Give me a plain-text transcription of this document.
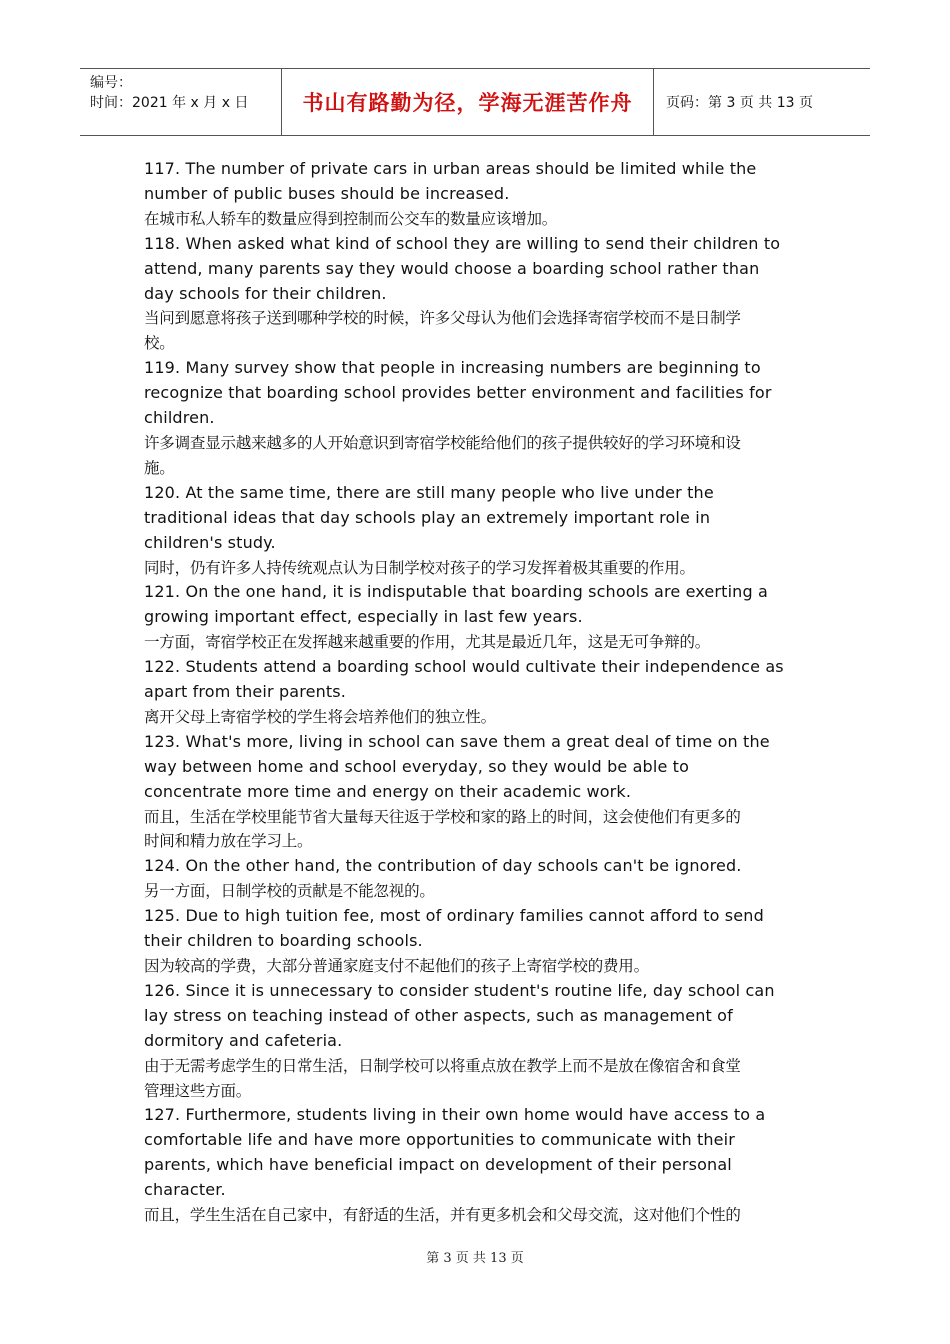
编号：
时间：2021 年 x 月 x 日	书山有路勤为径，学海无涯苦作舟	页码：第 3 页 共 13 页
117. The number of private cars in urban areas should be limited while the
number of public buses should be increased.
在城市私人轿车的数量应得到控制而公交车的数量应该增加。
118. When asked what kind of school they are willing to send their children to
attend, many parents say they would choose a boarding school rather than
day schools for their children.
当问到愿意将孩子送到哪种学校的时候，许多父母认为他们会选择寄宿学校而不是日制学
校。
119. Many survey show that people in increasing numbers are beginning to
recognize that boarding school provides better environment and facilities for
children.
许多调查显示越来越多的人开始意识到寄宿学校能给他们的孩子提供较好的学习环境和设
施。
120. At the same time, there are still many people who live under the
traditional ideas that day schools play an extremely important role in
children's study.
同时，仍有许多人持传统观点认为日制学校对孩子的学习发挥着极其重要的作用。
121. On the one hand, it is indisputable that boarding schools are exerting a
growing important effect, especially in last few years.
一方面，寄宿学校正在发挥越来越重要的作用，尤其是最近几年，这是无可争辩的。
122. Students attend a boarding school would cultivate their independence as
apart from their parents.
离开父母上寄宿学校的学生将会培养他们的独立性。
123. What's more, living in school can save them a great deal of time on the
way between home and school everyday, so they would be able to
concentrate more time and energy on their academic work.
而且，生活在学校里能节省大量每天往返于学校和家的路上的时间，这会使他们有更多的
时间和精力放在学习上。
124. On the other hand, the contribution of day schools can't be ignored.
另一方面，日制学校的贡献是不能忽视的。
125. Due to high tuition fee, most of ordinary families cannot afford to send
their children to boarding schools.
因为较高的学费，大部分普通家庭支付不起他们的孩子上寄宿学校的费用。
126. Since it is unnecessary to consider student's routine life, day school can
lay stress on teaching instead of other aspects, such as management of
dormitory and cafeteria.
由于无需考虑学生的日常生活，日制学校可以将重点放在教学上而不是放在像宿舍和食堂
管理这些方面。
127. Furthermore, students living in their own home would have access to a
comfortable life and have more opportunities to communicate with their
parents, which have beneficial impact on development of their personal
character.
而且，学生生活在自己家中，有舒适的生活，并有更多机会和父母交流，这对他们个性的
第 3 页 共 13 页
